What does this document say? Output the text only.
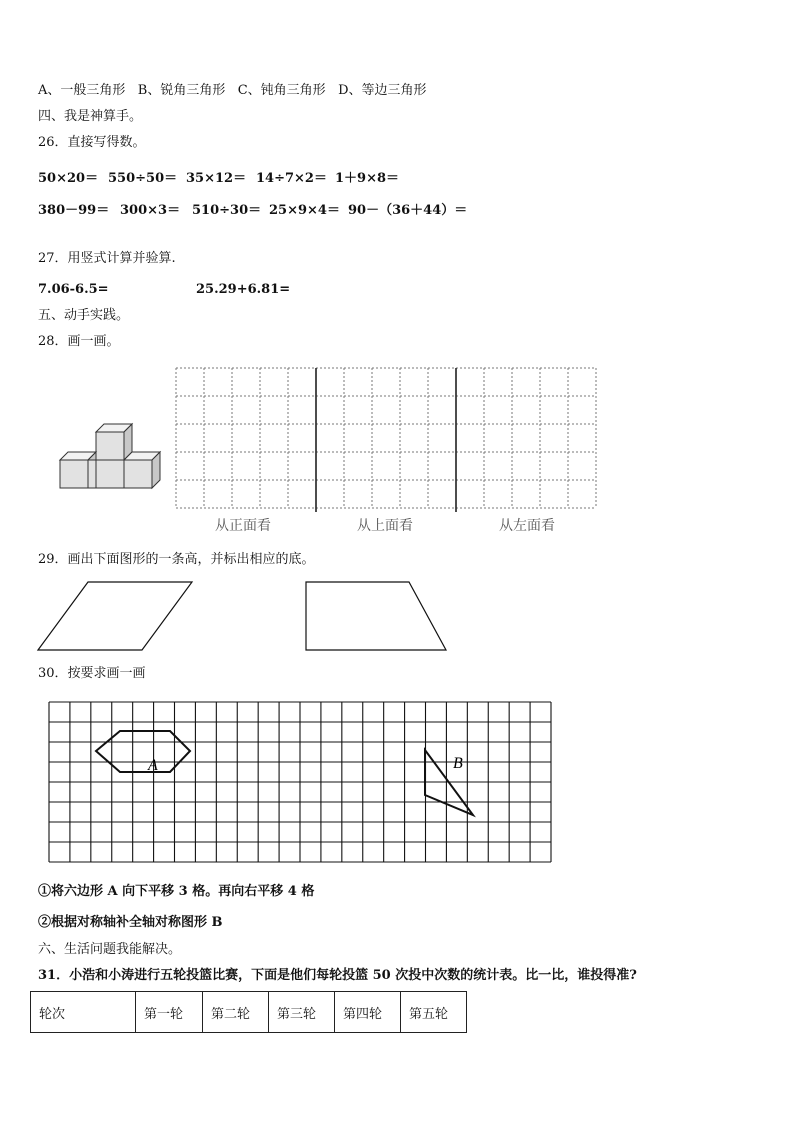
A、一般三角形   B、锐角三角形   C、钝角三角形   D、等边三角形
四、我是神算手。
26．直接写得数。
50×20＝ 550÷50＝ 35×12＝ 14÷7×2＝ 1＋9×8＝
380－99＝ 300×3＝ 510÷30＝ 25×9×4＝ 90－（36＋44）＝
27．用竖式计算并验算.
7.06-6.5=	25.29+6.81=
五、动手实践。
28．画一画。
从正面看	从上面看	从左面看
29．画出下面图形的一条高，并标出相应的底。
30．按要求画一画
A	B
①将六边形 A 向下平移 3 格。再向右平移 4 格
②根据对称轴补全轴对称图形 B
六、生活问题我能解决。
31．小浩和小涛进行五轮投篮比赛，下面是他们每轮投篮 50 次投中次数的统计表。比一比，谁投得准?
轮次	第一轮	第二轮	第三轮	第四轮	第五轮
